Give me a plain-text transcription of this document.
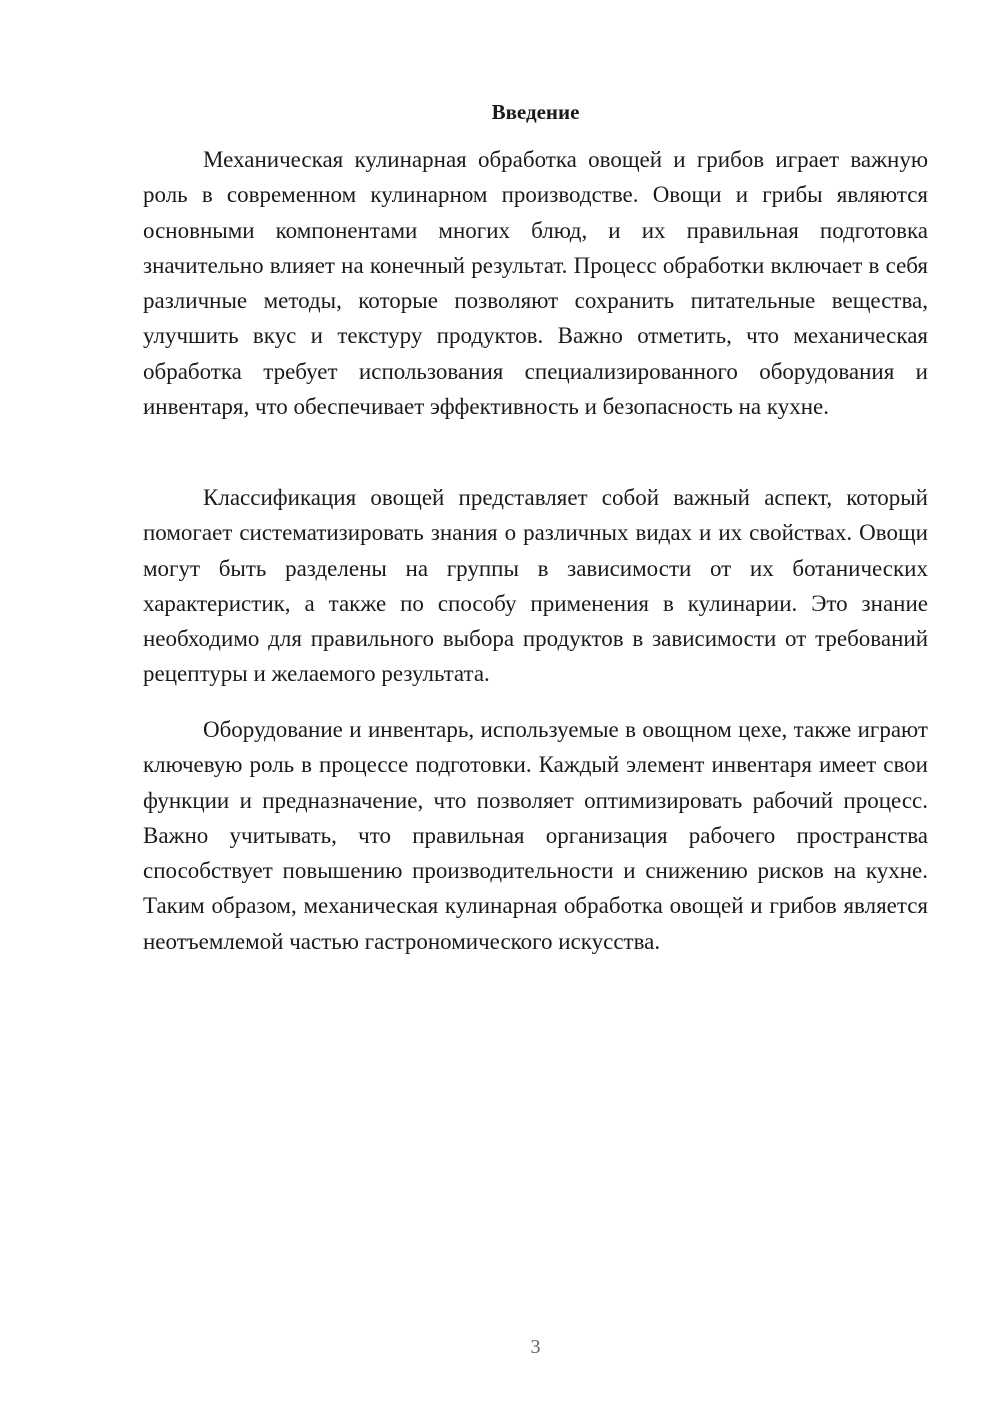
Введение

Механическая кулинарная обработка овощей и грибов играет важную роль в современном кулинарном производстве. Овощи и грибы являются основными компонентами многих блюд, и их правильная подготовка значительно влияет на конечный результат. Процесс обработки включает в себя различные методы, которые позволяют сохранить питательные вещества, улучшить вкус и текстуру продуктов. Важно отметить, что механическая обработка требует использования специализированного оборудования и инвентаря, что обеспечивает эффективность и безопасность на кухне.

Классификация овощей представляет собой важный аспект, который помогает систематизировать знания о различных видах и их свойствах. Овощи могут быть разделены на группы в зависимости от их ботанических характеристик, а также по способу применения в кулинарии. Это знание необходимо для правильного выбора продуктов в зависимости от требований рецептуры и желаемого результата.

Оборудование и инвентарь, используемые в овощном цехе, также играют ключевую роль в процессе подготовки. Каждый элемент инвентаря имеет свои функции и предназначение, что позволяет оптимизировать рабочий процесс. Важно учитывать, что правильная организация рабочего пространства способствует повышению производительности и снижению рисков на кухне. Таким образом, механическая кулинарная обработка овощей и грибов является неотъемлемой частью гастрономического искусства.

3
